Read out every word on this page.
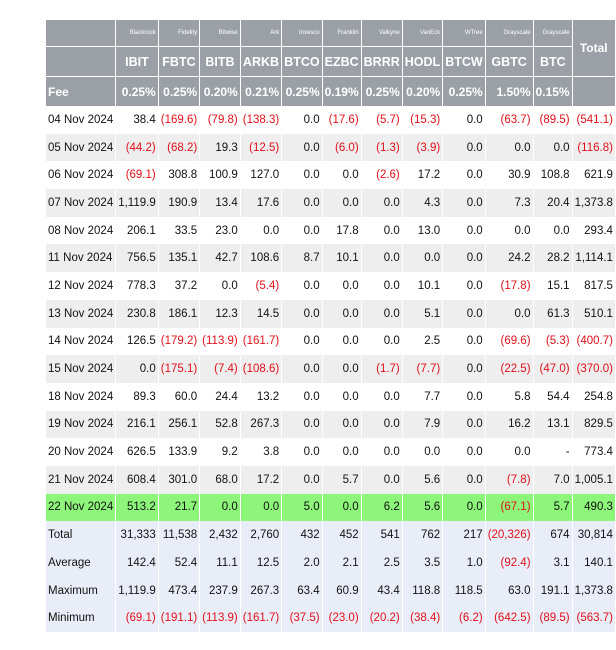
	Blackrock	Fidelity	Bitwise	Ark	Invesco	Franklin	Valkyrie	VanEck	WTree	Grayscale	Grayscale	Total
	IBIT	FBTC	BITB	ARKB	BTCO	EZBC	BRRR	HODL	BTCW	GBTC	BTC	
Fee	0.25%	0.25%	0.20%	0.21%	0.25%	0.19%	0.25%	0.20%	0.25%	1.50%	0.15%	
04 Nov 2024	38.4	(169.6)	(79.8)	(138.3)	0.0	(17.6)	(5.7)	(15.3)	0.0	(63.7)	(89.5)	(541.1)
05 Nov 2024	(44.2)	(68.2)	19.3	(12.5)	0.0	(6.0)	(1.3)	(3.9)	0.0	0.0	0.0	(116.8)
06 Nov 2024	(69.1)	308.8	100.9	127.0	0.0	0.0	(2.6)	17.2	0.0	30.9	108.8	621.9
07 Nov 2024	1,119.9	190.9	13.4	17.6	0.0	0.0	0.0	4.3	0.0	7.3	20.4	1,373.8
08 Nov 2024	206.1	33.5	23.0	0.0	0.0	17.8	0.0	13.0	0.0	0.0	0.0	293.4
11 Nov 2024	756.5	135.1	42.7	108.6	8.7	10.1	0.0	0.0	0.0	24.2	28.2	1,114.1
12 Nov 2024	778.3	37.2	0.0	(5.4)	0.0	0.0	0.0	10.1	0.0	(17.8)	15.1	817.5
13 Nov 2024	230.8	186.1	12.3	14.5	0.0	0.0	0.0	5.1	0.0	0.0	61.3	510.1
14 Nov 2024	126.5	(179.2)	(113.9)	(161.7)	0.0	0.0	0.0	2.5	0.0	(69.6)	(5.3)	(400.7)
15 Nov 2024	0.0	(175.1)	(7.4)	(108.6)	0.0	0.0	(1.7)	(7.7)	0.0	(22.5)	(47.0)	(370.0)
18 Nov 2024	89.3	60.0	24.4	13.2	0.0	0.0	0.0	7.7	0.0	5.8	54.4	254.8
19 Nov 2024	216.1	256.1	52.8	267.3	0.0	0.0	0.0	7.9	0.0	16.2	13.1	829.5
20 Nov 2024	626.5	133.9	9.2	3.8	0.0	0.0	0.0	0.0	0.0	0.0	-	773.4
21 Nov 2024	608.4	301.0	68.0	17.2	0.0	5.7	0.0	5.6	0.0	(7.8)	7.0	1,005.1
22 Nov 2024	513.2	21.7	0.0	0.0	5.0	0.0	6.2	5.6	0.0	(67.1)	5.7	490.3
Total	31,333	11,538	2,432	2,760	432	452	541	762	217	(20,326)	674	30,814
Average	142.4	52.4	11.1	12.5	2.0	2.1	2.5	3.5	1.0	(92.4)	3.1	140.1
Maximum	1,119.9	473.4	237.9	267.3	63.4	60.9	43.4	118.8	118.5	63.0	191.1	1,373.8
Minimum	(69.1)	(191.1)	(113.9)	(161.7)	(37.5)	(23.0)	(20.2)	(38.4)	(6.2)	(642.5)	(89.5)	(563.7)
